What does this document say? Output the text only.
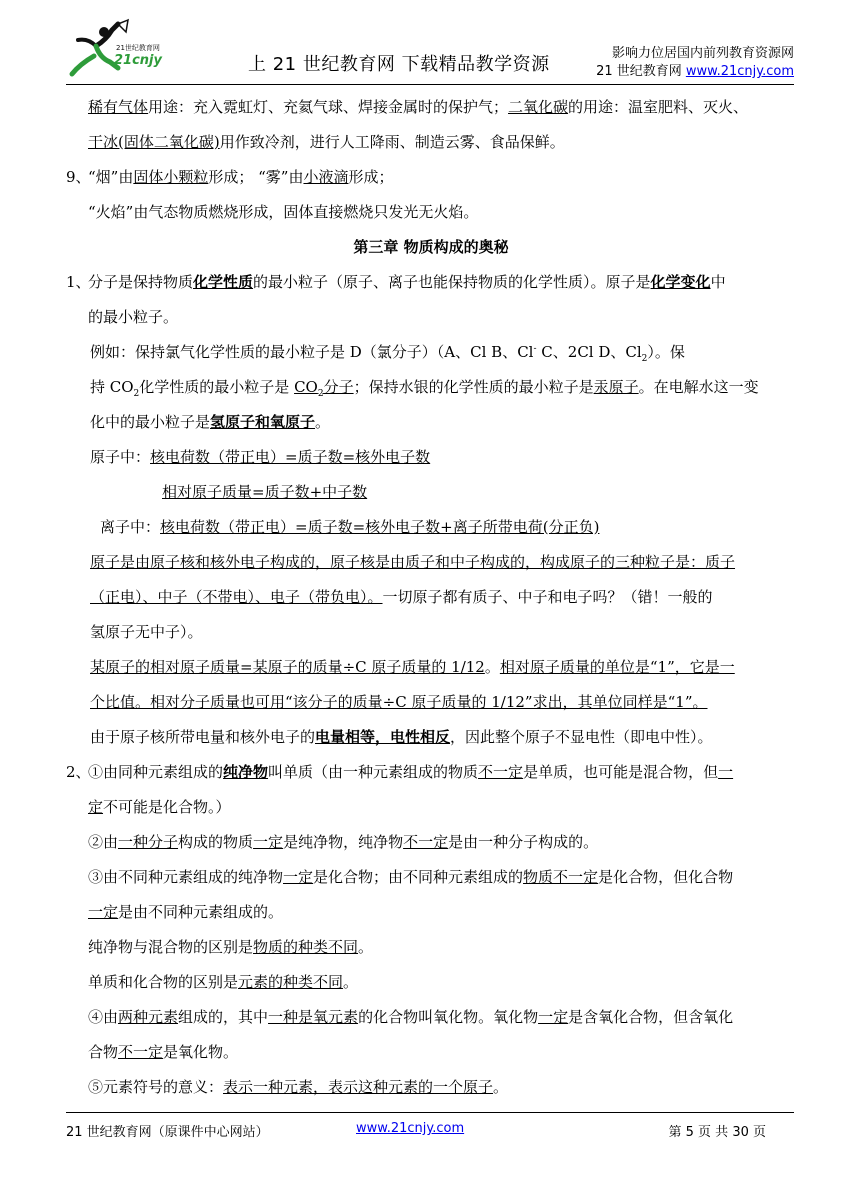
21世纪教育网
21cnjy	上 21 世纪教育网 下载精品教学资源
影响力位居国内前列教育资源网
21 世纪教育网 www.21cnjy.com
稀有气体用途：充入霓虹灯、充氦气球、焊接金属时的保护气；二氧化碳的用途：温室肥料、灭火、
干冰(固体二氧化碳)用作致冷剂，进行人工降雨、制造云雾、食品保鲜。
9、“烟”由固体小颗粒形成； “雾”由小液滴形成；
“火焰”由气态物质燃烧形成，固体直接燃烧只发光无火焰。
第三章 物质构成的奥秘
1、分子是保持物质化学性质的最小粒子（原子、离子也能保持物质的化学性质）。原子是化学变化中
的最小粒子。
例如：保持氯气化学性质的最小粒子是 D（氯分子）（A、Cl B、Cl- C、2Cl D、$Cl_2$）。保
持 $CO_2$化学性质的最小粒子是 $CO_2$分子；保持水银的化学性质的最小粒子是汞原子。在电解水这一变
化中的最小粒子是氢原子和氧原子。
原子中：核电荷数（带正电）=质子数=核外电子数
相对原子质量=质子数+中子数
离子中：核电荷数（带正电）=质子数=核外电子数+离子所带电荷(分正负)
原子是由原子核和核外电子构成的，原子核是由质子和中子构成的，构成原子的三种粒子是：质子
（正电）、中子（不带电）、电子（带负电）。一切原子都有质子、中子和电子吗？（错！一般的
氢原子无中子）。
某原子的相对原子质量=某原子的质量÷C 原子质量的 1/12。相对原子质量的单位是“1”，它是一
个比值。相对分子质量也可用“该分子的质量÷C 原子质量的 1/12”求出，其单位同样是“1”。
由于原子核所带电量和核外电子的电量相等，电性相反，因此整个原子不显电性（即电中性）。
2、①由同种元素组成的纯净物叫单质（由一种元素组成的物质不一定是单质，也可能是混合物，但一
定不可能是化合物。）
②由一种分子构成的物质一定是纯净物，纯净物不一定是由一种分子构成的。
③由不同种元素组成的纯净物一定是化合物；由不同种元素组成的物质不一定是化合物，但化合物
一定是由不同种元素组成的。
纯净物与混合物的区别是物质的种类不同。
单质和化合物的区别是元素的种类不同。
④由两种元素组成的，其中一种是氧元素的化合物叫氧化物。氧化物一定是含氧化合物，但含氧化
合物不一定是氧化物。
⑤元素符号的意义：表示一种元素，表示这种元素的一个原子。
21 世纪教育网（原课件中心网站）	www.21cnjy.com	第 5 页 共 30 页
